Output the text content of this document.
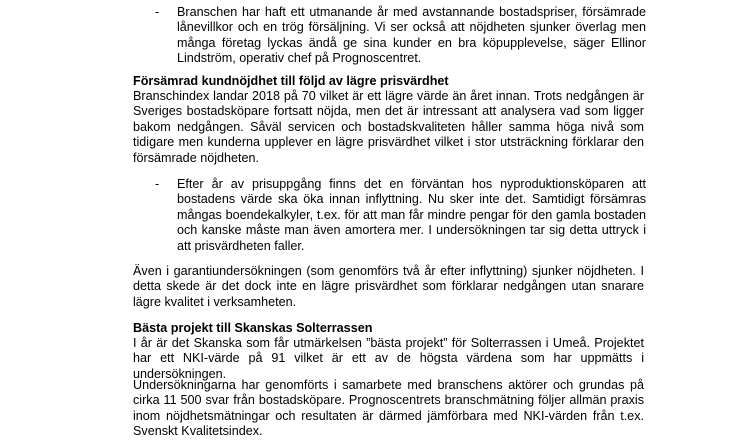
-	Branschen har haft ett utmanande år med avstannande bostadspriser, försämrade lånevillkor och en trög försäljning. Vi ser också att nöjdheten sjunker överlag men många företag lyckas ändå ge sina kunder en bra köpupplevelse, säger Ellinor Lindström, operativ chef på Prognoscentret.

Försämrad kundnöjdhet till följd av lägre prisvärdhet

Branschindex landar 2018 på 70 vilket är ett lägre värde än året innan. Trots nedgången är Sveriges bostadsköpare fortsatt nöjda, men det är intressant att analysera vad som ligger bakom nedgången. Såväl servicen och bostadskvaliteten håller samma höga nivå som tidigare men kunderna upplever en lägre prisvärdhet vilket i stor utsträckning förklarar den försämrade nöjdheten.

-	Efter år av prisuppgång finns det en förväntan hos nyproduktionsköparen att bostadens värde ska öka innan inflyttning. Nu sker inte det. Samtidigt försämras mångas boendekalkyler, t.ex. för att man får mindre pengar för den gamla bostaden och kanske måste man även amortera mer. I undersökningen tar sig detta uttryck i att prisvärdheten faller.

Även i garantiundersökningen (som genomförs två år efter inflyttning) sjunker nöjdheten. I detta skede är det dock inte en lägre prisvärdhet som förklarar nedgången utan snarare lägre kvalitet i verksamheten.

Bästa projekt till Skanskas Solterrassen

I år är det Skanska som får utmärkelsen ”bästa projekt” för Solterrassen i Umeå. Projektet har ett NKI-värde på 91 vilket är ett av de högsta värdena som har uppmätts i undersökningen.

Undersökningarna har genomförts i samarbete med branschens aktörer och grundas på cirka 11 500 svar från bostadsköpare. Prognoscentrets branschmätning följer allmän praxis inom nöjdhetsmätningar och resultaten är därmed jämförbara med NKI-värden från t.ex. Svenskt Kvalitetsindex.
